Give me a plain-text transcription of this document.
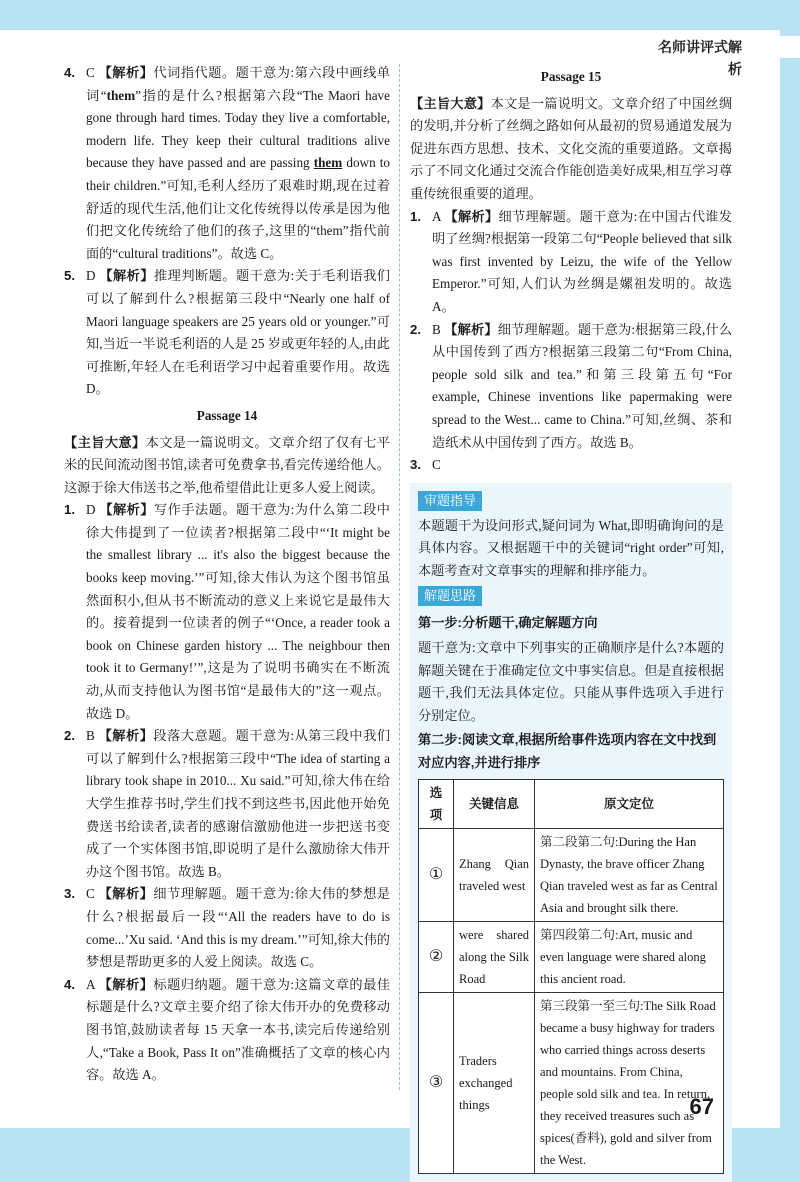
名师讲评式解析

4. C 【解析】代词指代题。题干意为:第六段中画线单词“them”指的是什么?根据第六段“The Maori have gone through hard times. Today they live a comfortable, modern life. They keep their cultural traditions alive because they have passed and are passing them down to their children.”可知,毛利人经历了艰难时期,现在过着舒适的现代生活,他们让文化传统得以传承是因为他们把文化传统给了他们的孩子,这里的“them”指代前面的“cultural traditions”。故选 C。

5. D 【解析】推理判断题。题干意为:关于毛利语我们可以了解到什么?根据第三段中“Nearly one half of Maori language speakers are 25 years old or younger.”可知,当近一半说毛利语的人是 25 岁或更年轻的人,由此可推断,年轻人在毛利语学习中起着重要作用。故选 D。

Passage 14

【主旨大意】本文是一篇说明文。文章介绍了仅有七平米的民间流动图书馆,读者可免费拿书,看完传递给他人。这源于徐大伟送书之举,他希望借此让更多人爱上阅读。

1. D 【解析】写作手法题。题干意为:为什么第二段中徐大伟提到了一位读者?根据第二段中“‘It might be the smallest library ... it's also the biggest because the books keep moving.’”可知,徐大伟认为这个图书馆虽然面积小,但从书不断流动的意义上来说它是最伟大的。接着提到一位读者的例子“‘Once, a reader took a book on Chinese garden history ... The neighbour then took it to Germany!’”,这是为了说明书确实在不断流动,从而支持他认为图书馆“是最伟大的”这一观点。故选 D。

2. B 【解析】段落大意题。题干意为:从第三段中我们可以了解到什么?根据第三段中“The idea of starting a library took shape in 2010... Xu said.”可知,徐大伟在给大学生推荐书时,学生们找不到这些书,因此他开始免费送书给读者,读者的感谢信激励他进一步把送书变成了一个实体图书馆,即说明了是什么激励徐大伟开办这个图书馆。故选 B。

3. C 【解析】细节理解题。题干意为:徐大伟的梦想是什么?根据最后一段“‘All the readers have to do is come...’Xu said. ‘And this is my dream.’”可知,徐大伟的梦想是帮助更多的人爱上阅读。故选 C。

4. A 【解析】标题归纳题。题干意为:这篇文章的最佳标题是什么?文章主要介绍了徐大伟开办的免费移动图书馆,鼓励读者每 15 天拿一本书,读完后传递给别人,“Take a Book, Pass It on”准确概括了文章的核心内容。故选 A。

Passage 15

【主旨大意】本文是一篇说明文。文章介绍了中国丝绸的发明,并分析了丝绸之路如何从最初的贸易通道发展为促进东西方思想、技术、文化交流的重要道路。文章揭示了不同文化通过交流合作能创造美好成果,相互学习尊重传统很重要的道理。

1. A 【解析】细节理解题。题干意为:在中国古代谁发明了丝绸?根据第一段第二句“People believed that silk was first invented by Leizu, the wife of the Yellow Emperor.”可知,人们认为丝绸是嫘祖发明的。故选 A。

2. B 【解析】细节理解题。题干意为:根据第三段,什么从中国传到了西方?根据第三段第二句“From China, people sold silk and tea.”和第三段第五句“For example, Chinese inventions like papermaking were spread to the West... came to China.”可知,丝绸、茶和造纸术从中国传到了西方。故选 B。

3. C

审题指导

本题题干为设问形式,疑问词为 What,即明确询问的是具体内容。又根据题干中的关键词“right order”可知,本题考查对文章事实的理解和排序能力。

解题思路

第一步:分析题干,确定解题方向

题干意为:文章中下列事实的正确顺序是什么?本题的解题关键在于准确定位文中事实信息。但是直接根据题干,我们无法具体定位。只能从事件选项入手进行分别定位。

第二步:阅读文章,根据所给事件选项内容在文中找到对应内容,并进行排序

选项	关键信息	原文定位
①	Zhang Qian traveled west	第二段第二句:During the Han Dynasty, the brave officer Zhang Qian traveled west as far as Central Asia and brought silk there.
②	were shared along the Silk Road	第四段第二句:Art, music and even language were shared along this ancient road.
③	Traders exchanged things	第三段第一至三句:The Silk Road became a busy highway for traders who carried things across deserts and mountains. From China, people sold silk and tea. In return, they received treasures such as spices(香料), gold and silver from the West.
67
